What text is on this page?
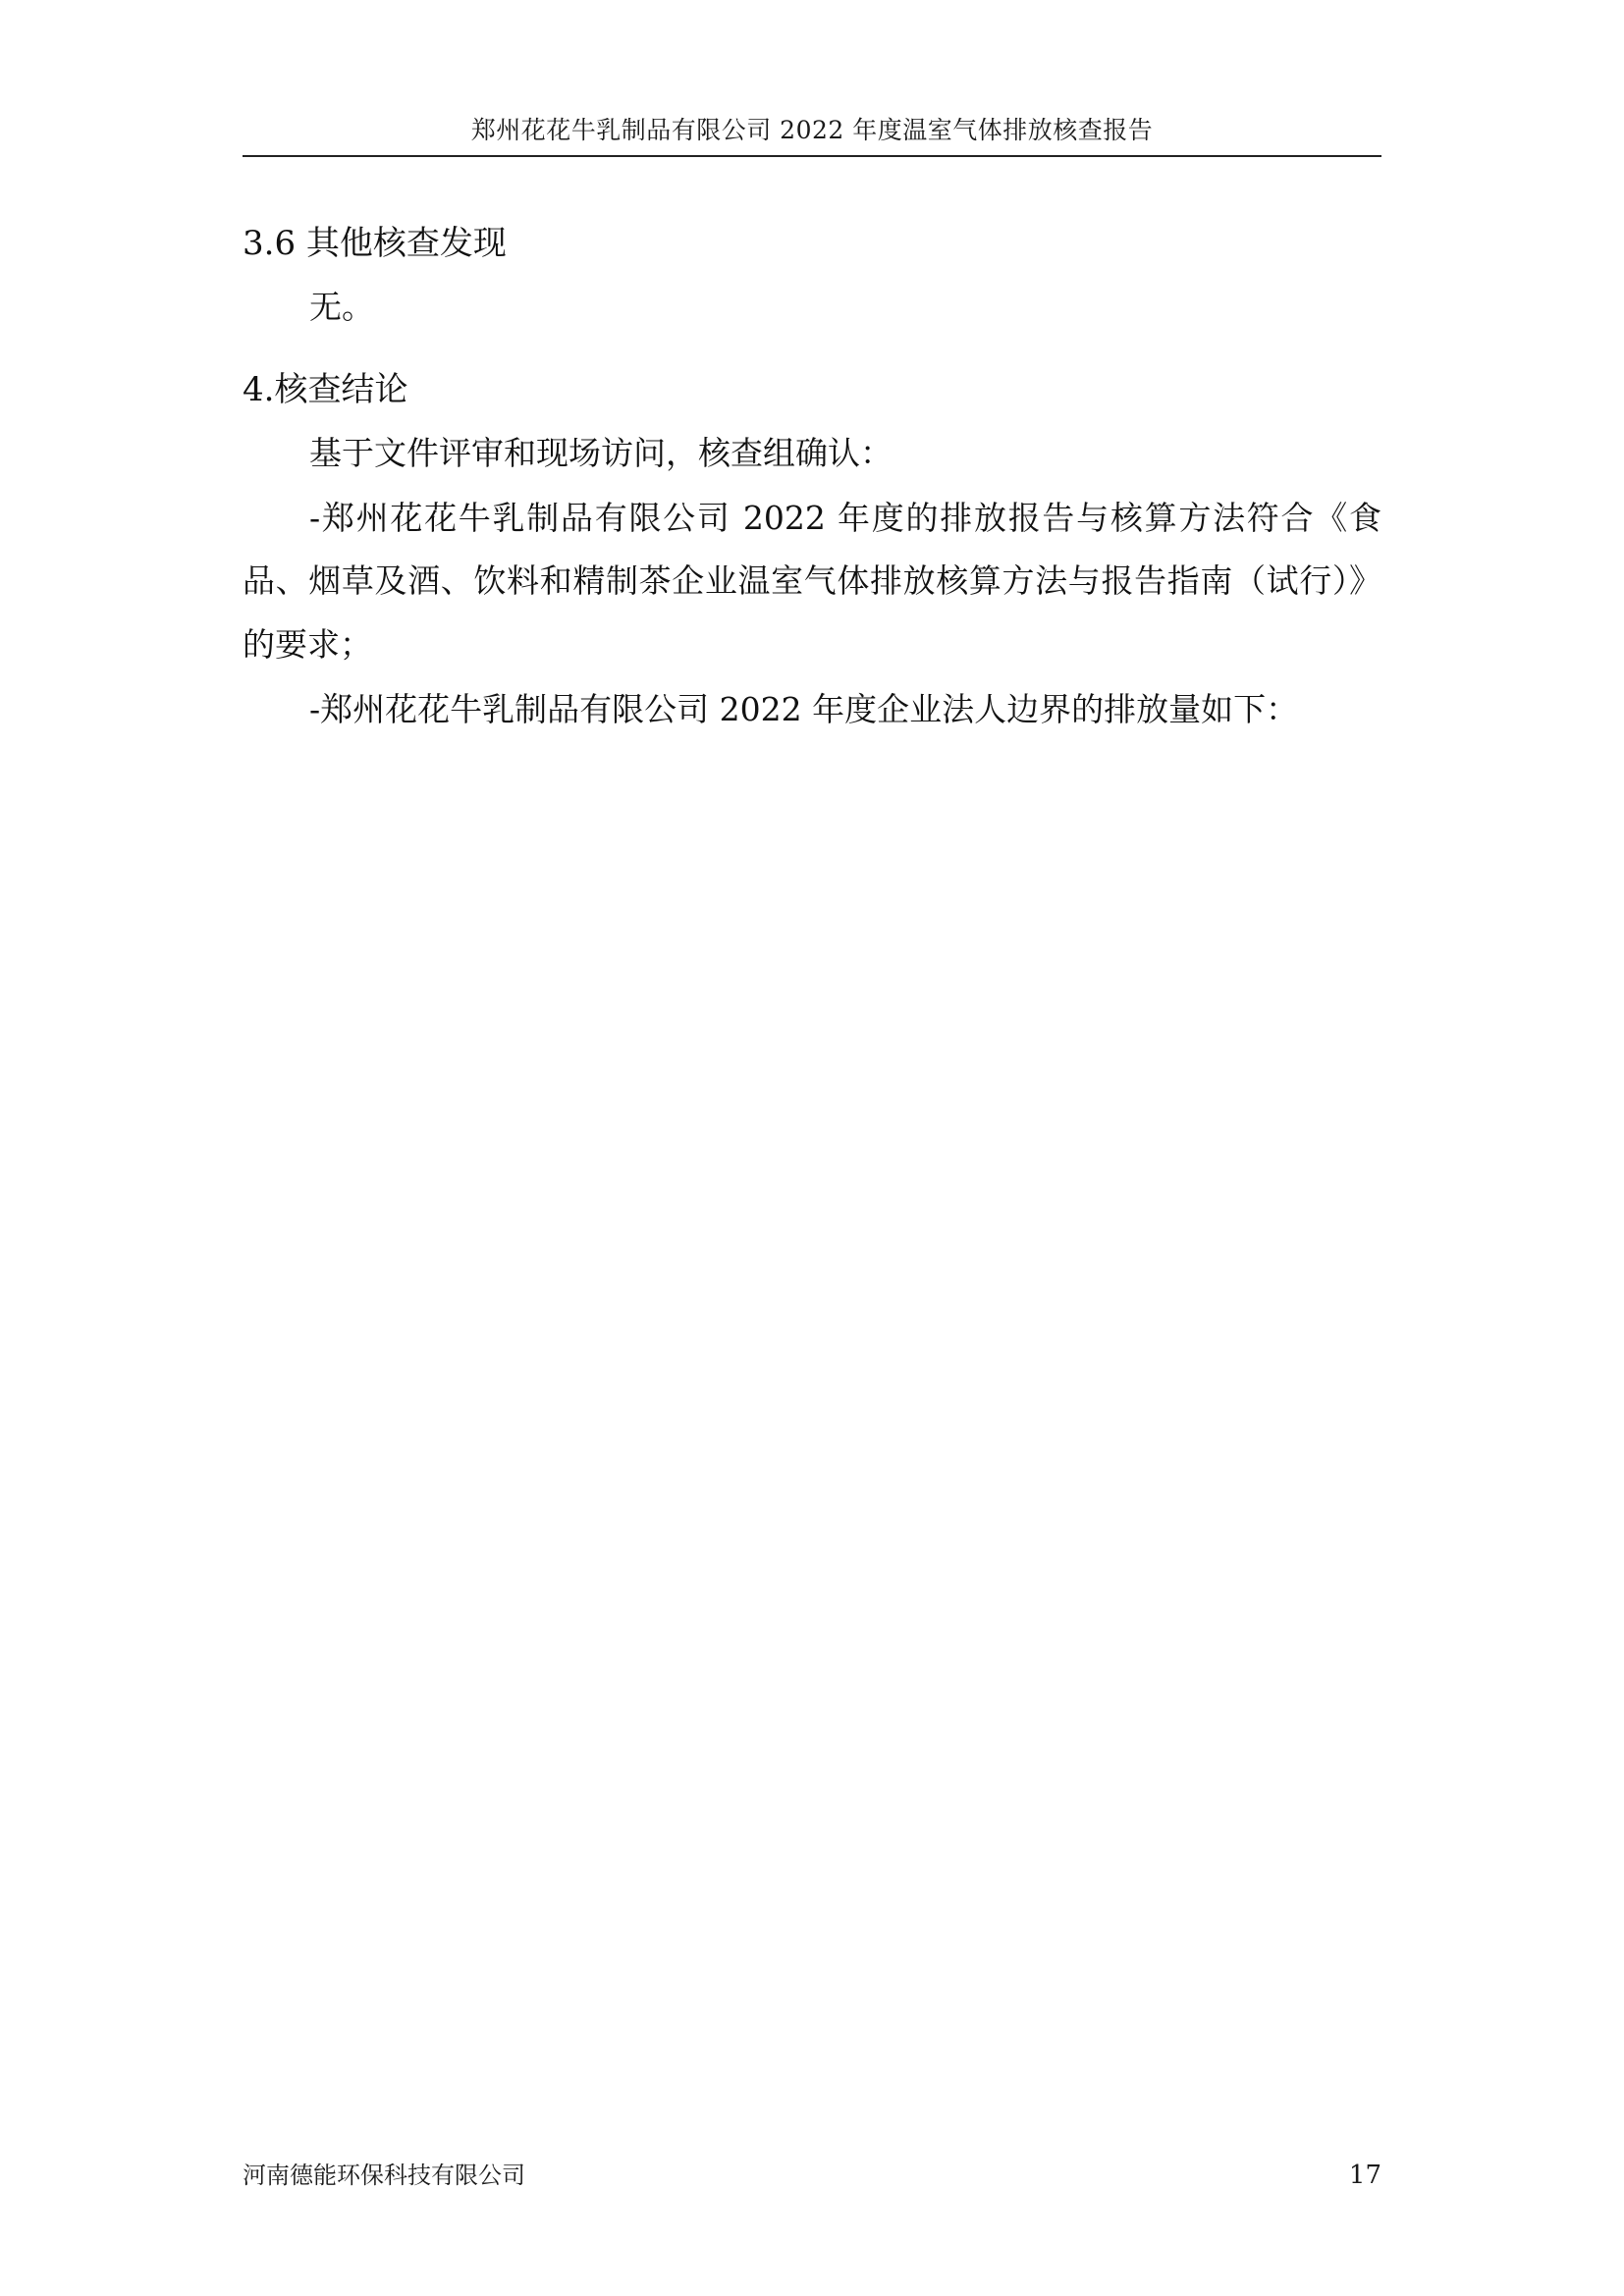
郑州花花牛乳制品有限公司 2022 年度温室气体排放核查报告
3.6 其他核查发现
无。
4.核查结论
基于文件评审和现场访问，核查组确认：
-郑州花花牛乳制品有限公司 2022 年度的排放报告与核算方法符合《食品、烟草及酒、饮料和精制茶企业温室气体排放核算方法与报告指南（试行）》的要求；
-郑州花花牛乳制品有限公司 2022 年度企业法人边界的排放量如下：
河南德能环保科技有限公司	17
